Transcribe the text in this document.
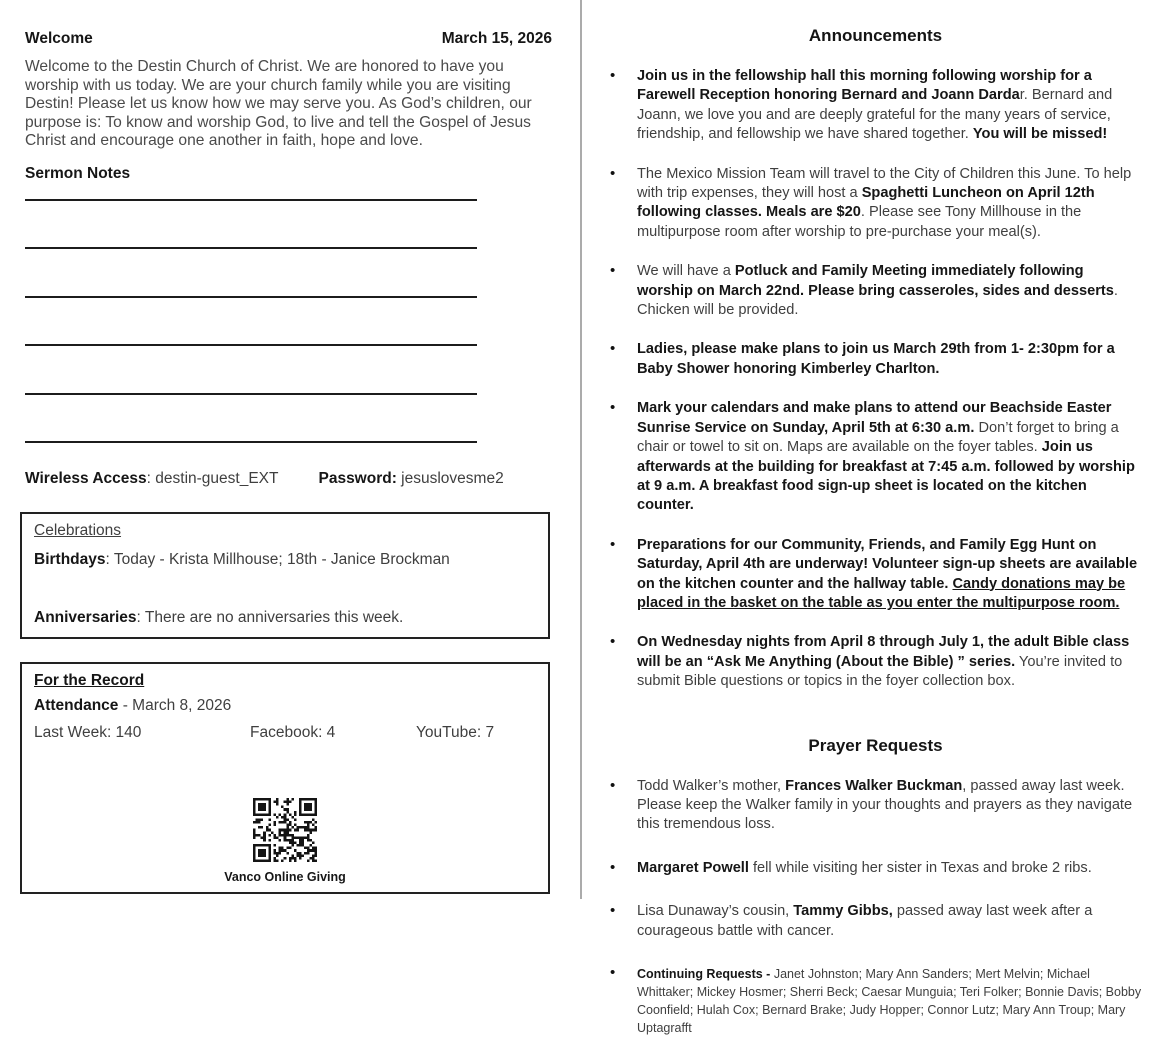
Welcome	March 15, 2026

Welcome to the Destin Church of Christ. We are honored to have you worship with us today. We are your church family while you are visiting Destin! Please let us know how we may serve you. As God’s children, our purpose is: To know and worship God, to live and tell the Gospel of Jesus Christ and encourage one another in faith, hope and love.

Sermon Notes
Wireless Access: destin-guest_EXT	Password: jesuslovesme2
Celebrations
Birthdays: Today - Krista Millhouse; 18th - Janice Brockman
Anniversaries: There are no anniversaries this week.
For the Record
Attendance - March 8, 2026
Last Week: 140	Facebook: 4	YouTube: 7
Vanco Online Giving
Announcements
• Join us in the fellowship hall this morning following worship for a Farewell Reception honoring Bernard and Joann Dardar. Bernard and Joann, we love you and are deeply grateful for the many years of service, friendship, and fellowship we have shared together. You will be missed!
• The Mexico Mission Team will travel to the City of Children this June. To help with trip expenses, they will host a Spaghetti Luncheon on April 12th following classes. Meals are $20. Please see Tony Millhouse in the multipurpose room after worship to pre-purchase your meal(s).
• We will have a Potluck and Family Meeting immediately following worship on March 22nd. Please bring casseroles, sides and desserts. Chicken will be provided.
• Ladies, please make plans to join us March 29th from 1- 2:30pm for a Baby Shower honoring Kimberley Charlton.
• Mark your calendars and make plans to attend our Beachside Easter Sunrise Service on Sunday, April 5th at 6:30 a.m. Don’t forget to bring a chair or towel to sit on. Maps are available on the foyer tables. Join us afterwards at the building for breakfast at 7:45 a.m. followed by worship at 9 a.m. A breakfast food sign-up sheet is located on the kitchen counter.
• Preparations for our Community, Friends, and Family Egg Hunt on Saturday, April 4th are underway! Volunteer sign-up sheets are available on the kitchen counter and the hallway table. Candy donations may be placed in the basket on the table as you enter the multipurpose room.
• On Wednesday nights from April 8 through July 1, the adult Bible class will be an “Ask Me Anything (About the Bible) ” series. You’re invited to submit Bible questions or topics in the foyer collection box.
Prayer Requests
• Todd Walker’s mother, Frances Walker Buckman, passed away last week. Please keep the Walker family in your thoughts and prayers as they navigate this tremendous loss.
• Margaret Powell fell while visiting her sister in Texas and broke 2 ribs.
• Lisa Dunaway’s cousin, Tammy Gibbs, passed away last week after a courageous battle with cancer.
• Continuing Requests - Janet Johnston; Mary Ann Sanders; Mert Melvin; Michael Whittaker; Mickey Hosmer; Sherri Beck; Caesar Munguia; Teri Folker; Bonnie Davis; Bobby Coonfield; Hulah Cox; Bernard Brake; Judy Hopper; Connor Lutz; Mary Ann Troup; Mary Uptagrafft
